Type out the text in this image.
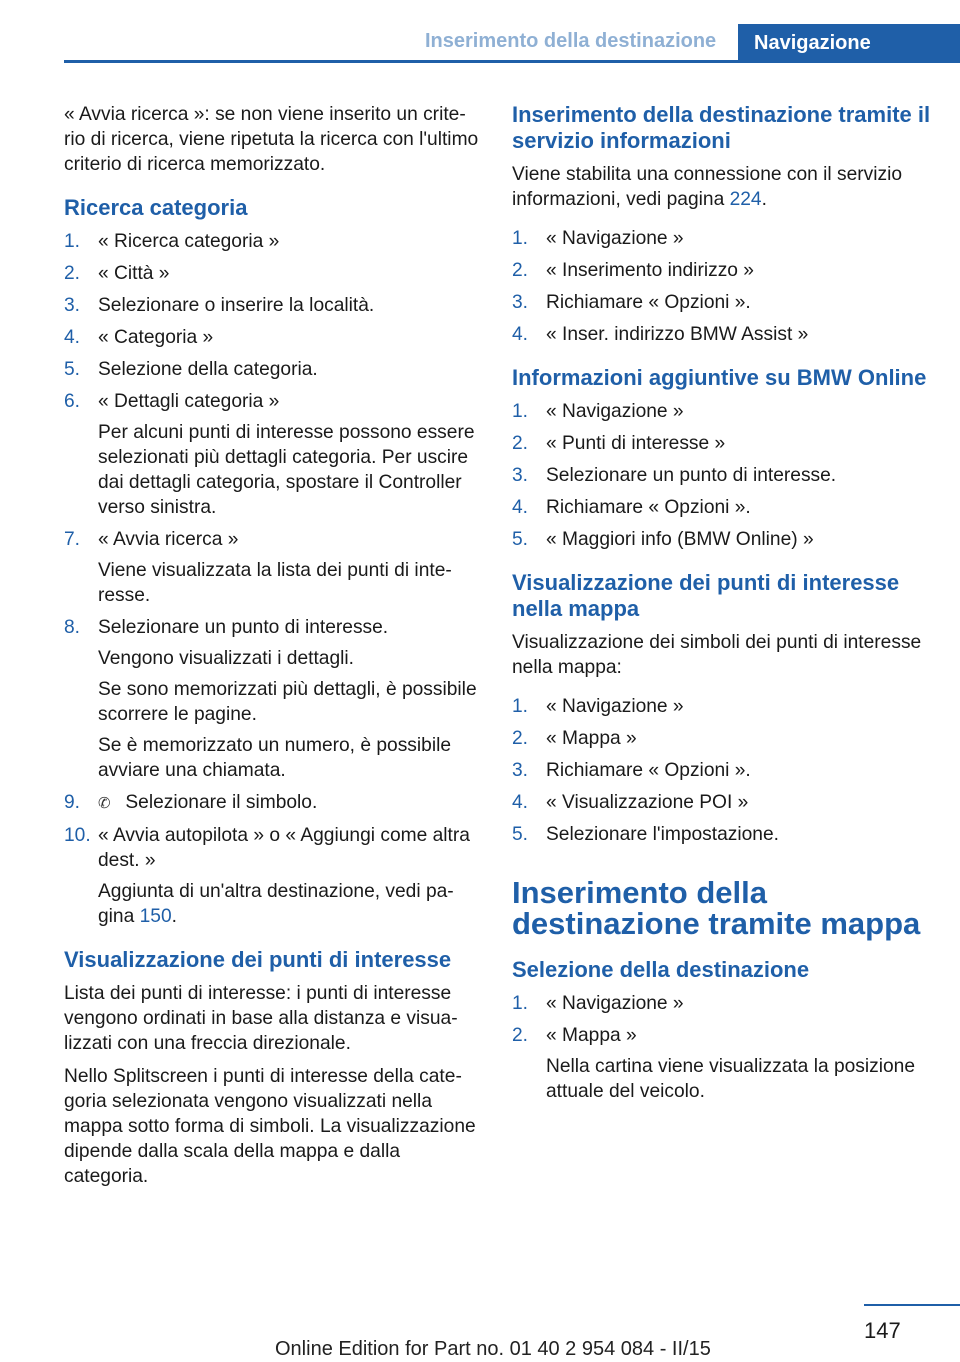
Inserimento della destinazione	Navigazione

« Avvia ricerca »: se non viene inserito un criterio di ricerca, viene ripetuta la ricerca con l'ultimo criterio di ricerca memorizzato.

Ricerca categoria
1. « Ricerca categoria »
2. « Città »
3. Selezionare o inserire la località.
4. « Categoria »
5. Selezione della categoria.
6. « Dettagli categoria »

Per alcuni punti di interesse possono essere selezionati più dettagli categoria. Per uscire dai dettagli categoria, spostare il Controller verso sinistra.

7. « Avvia ricerca »

Viene visualizzata la lista dei punti di interesse.

8. Selezionare un punto di interesse.

Vengono visualizzati i dettagli.

Se sono memorizzati più dettagli, è possibile scorrere le pagine.

Se è memorizzato un numero, è possibile avviare una chiamata.

9. ✆ Selezionare il simbolo.
10. « Avvia autopilota » o « Aggiungi come altra dest. »

Aggiunta di un'altra destinazione, vedi pagina 150.

Visualizzazione dei punti di interesse

Lista dei punti di interesse: i punti di interesse vengono ordinati in base alla distanza e visualizzati con una freccia direzionale.

Nello Splitscreen i punti di interesse della categoria selezionata vengono visualizzati nella mappa sotto forma di simboli. La visualizzazione dipende dalla scala della mappa e dalla categoria.

Inserimento della destinazione tramite il servizio informazioni

Viene stabilita una connessione con il servizio informazioni, vedi pagina 224.

1. « Navigazione »
2. « Inserimento indirizzo »
3. Richiamare « Opzioni ».
4. « Inser. indirizzo BMW Assist »
Informazioni aggiuntive su BMW Online
1. « Navigazione »
2. « Punti di interesse »
3. Selezionare un punto di interesse.
4. Richiamare « Opzioni ».
5. « Maggiori info (BMW Online) »
Visualizzazione dei punti di interesse nella mappa

Visualizzazione dei simboli dei punti di interesse nella mappa:

1. « Navigazione »
2. « Mappa »
3. Richiamare « Opzioni ».
4. « Visualizzazione POI »
5. Selezionare l'impostazione.
Inserimento della destinazione tramite mappa
Selezione della destinazione
1. « Navigazione »
2. « Mappa »

Nella cartina viene visualizzata la posizione attuale del veicolo.

147
Online Edition for Part no. 01 40 2 954 084 - II/15
